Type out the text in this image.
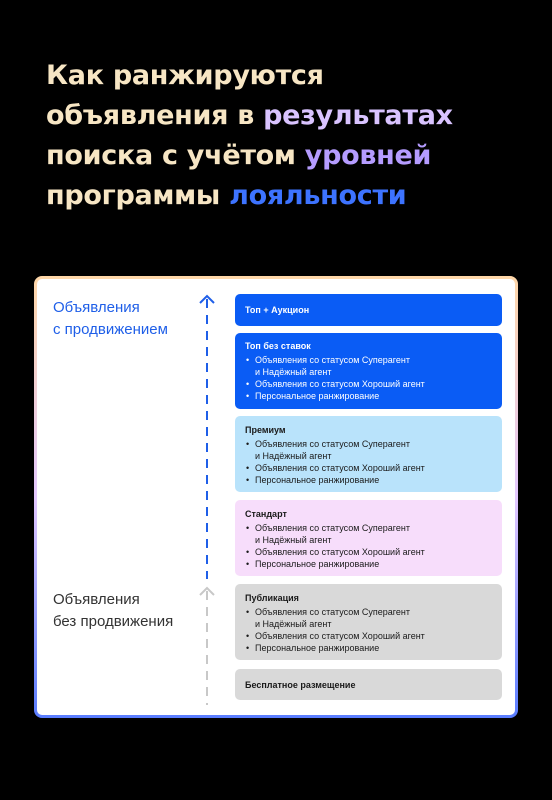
Как ранжируются
объявления в результатах
поиска с учётом уровней
программы лояльности

Объявления
с продвижением

Объявления
без продвижения

Топ + Аукцион

Топ без ставок

• Объявления со статусом Суперагент
и Надёжный агент
• Объявления со статусом Хороший агент
• Персональное ранжирование

Премиум

• Объявления со статусом Суперагент
и Надёжный агент
• Объявления со статусом Хороший агент
• Персональное ранжирование

Стандарт

• Объявления со статусом Суперагент
и Надёжный агент
• Объявления со статусом Хороший агент
• Персональное ранжирование

Публикация

• Объявления со статусом Суперагент
и Надёжный агент
• Объявления со статусом Хороший агент
• Персональное ранжирование

Бесплатное размещение
